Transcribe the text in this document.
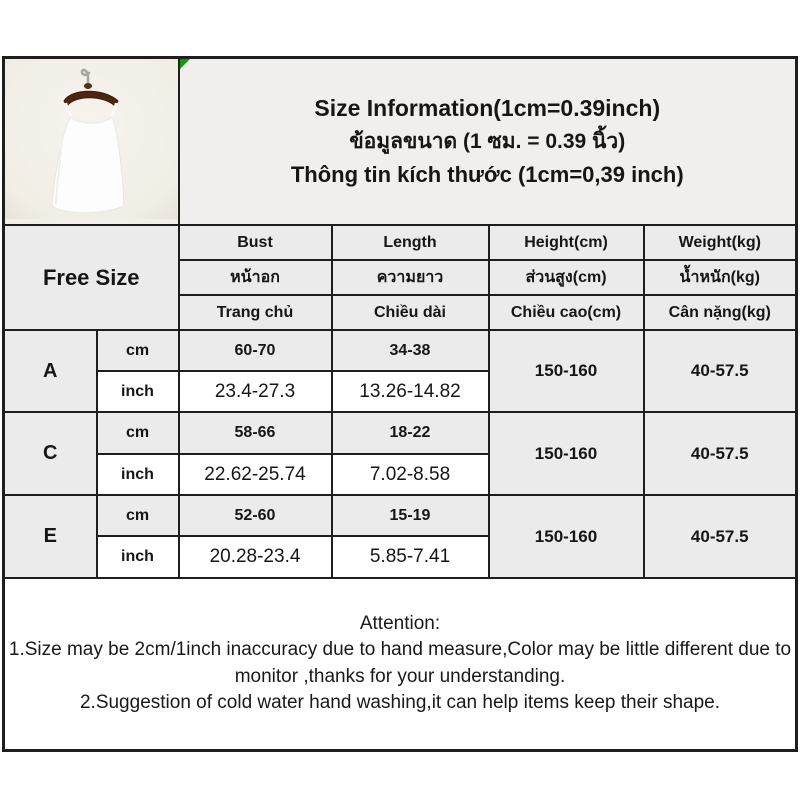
Size Information(1cm=0.39inch)
ข้อมูลขนาด (1 ซม. = 0.39 นิ้ว)
Thông tin kích thước (1cm=0,39 inch)			

Free Size		Bust	Length	Height(cm)	Weight(kg)
		หน้าอก	ความยาว	ส่วนสูง(cm)	น้ำหนัก(kg)
		Trang chủ	Chiều dài	Chiều cao(cm)	Cân nặng(kg)
A	cm	60-70	34-38	150-160	40-57.5
	inch	23.4-27.3	13.26-14.82		
C	cm	58-66	18-22	150-160	40-57.5
	inch	22.62-25.74	7.02-8.58		
E	cm	52-60	15-19	150-160	40-57.5
	inch	20.28-23.4	5.85-7.41		

Attention:
1.Size may be 2cm/1inch inaccuracy due to hand measure,Color may be little different due to monitor ,thanks for your understanding.
2.Suggestion of cold water hand washing,it can help items keep their shape.					
